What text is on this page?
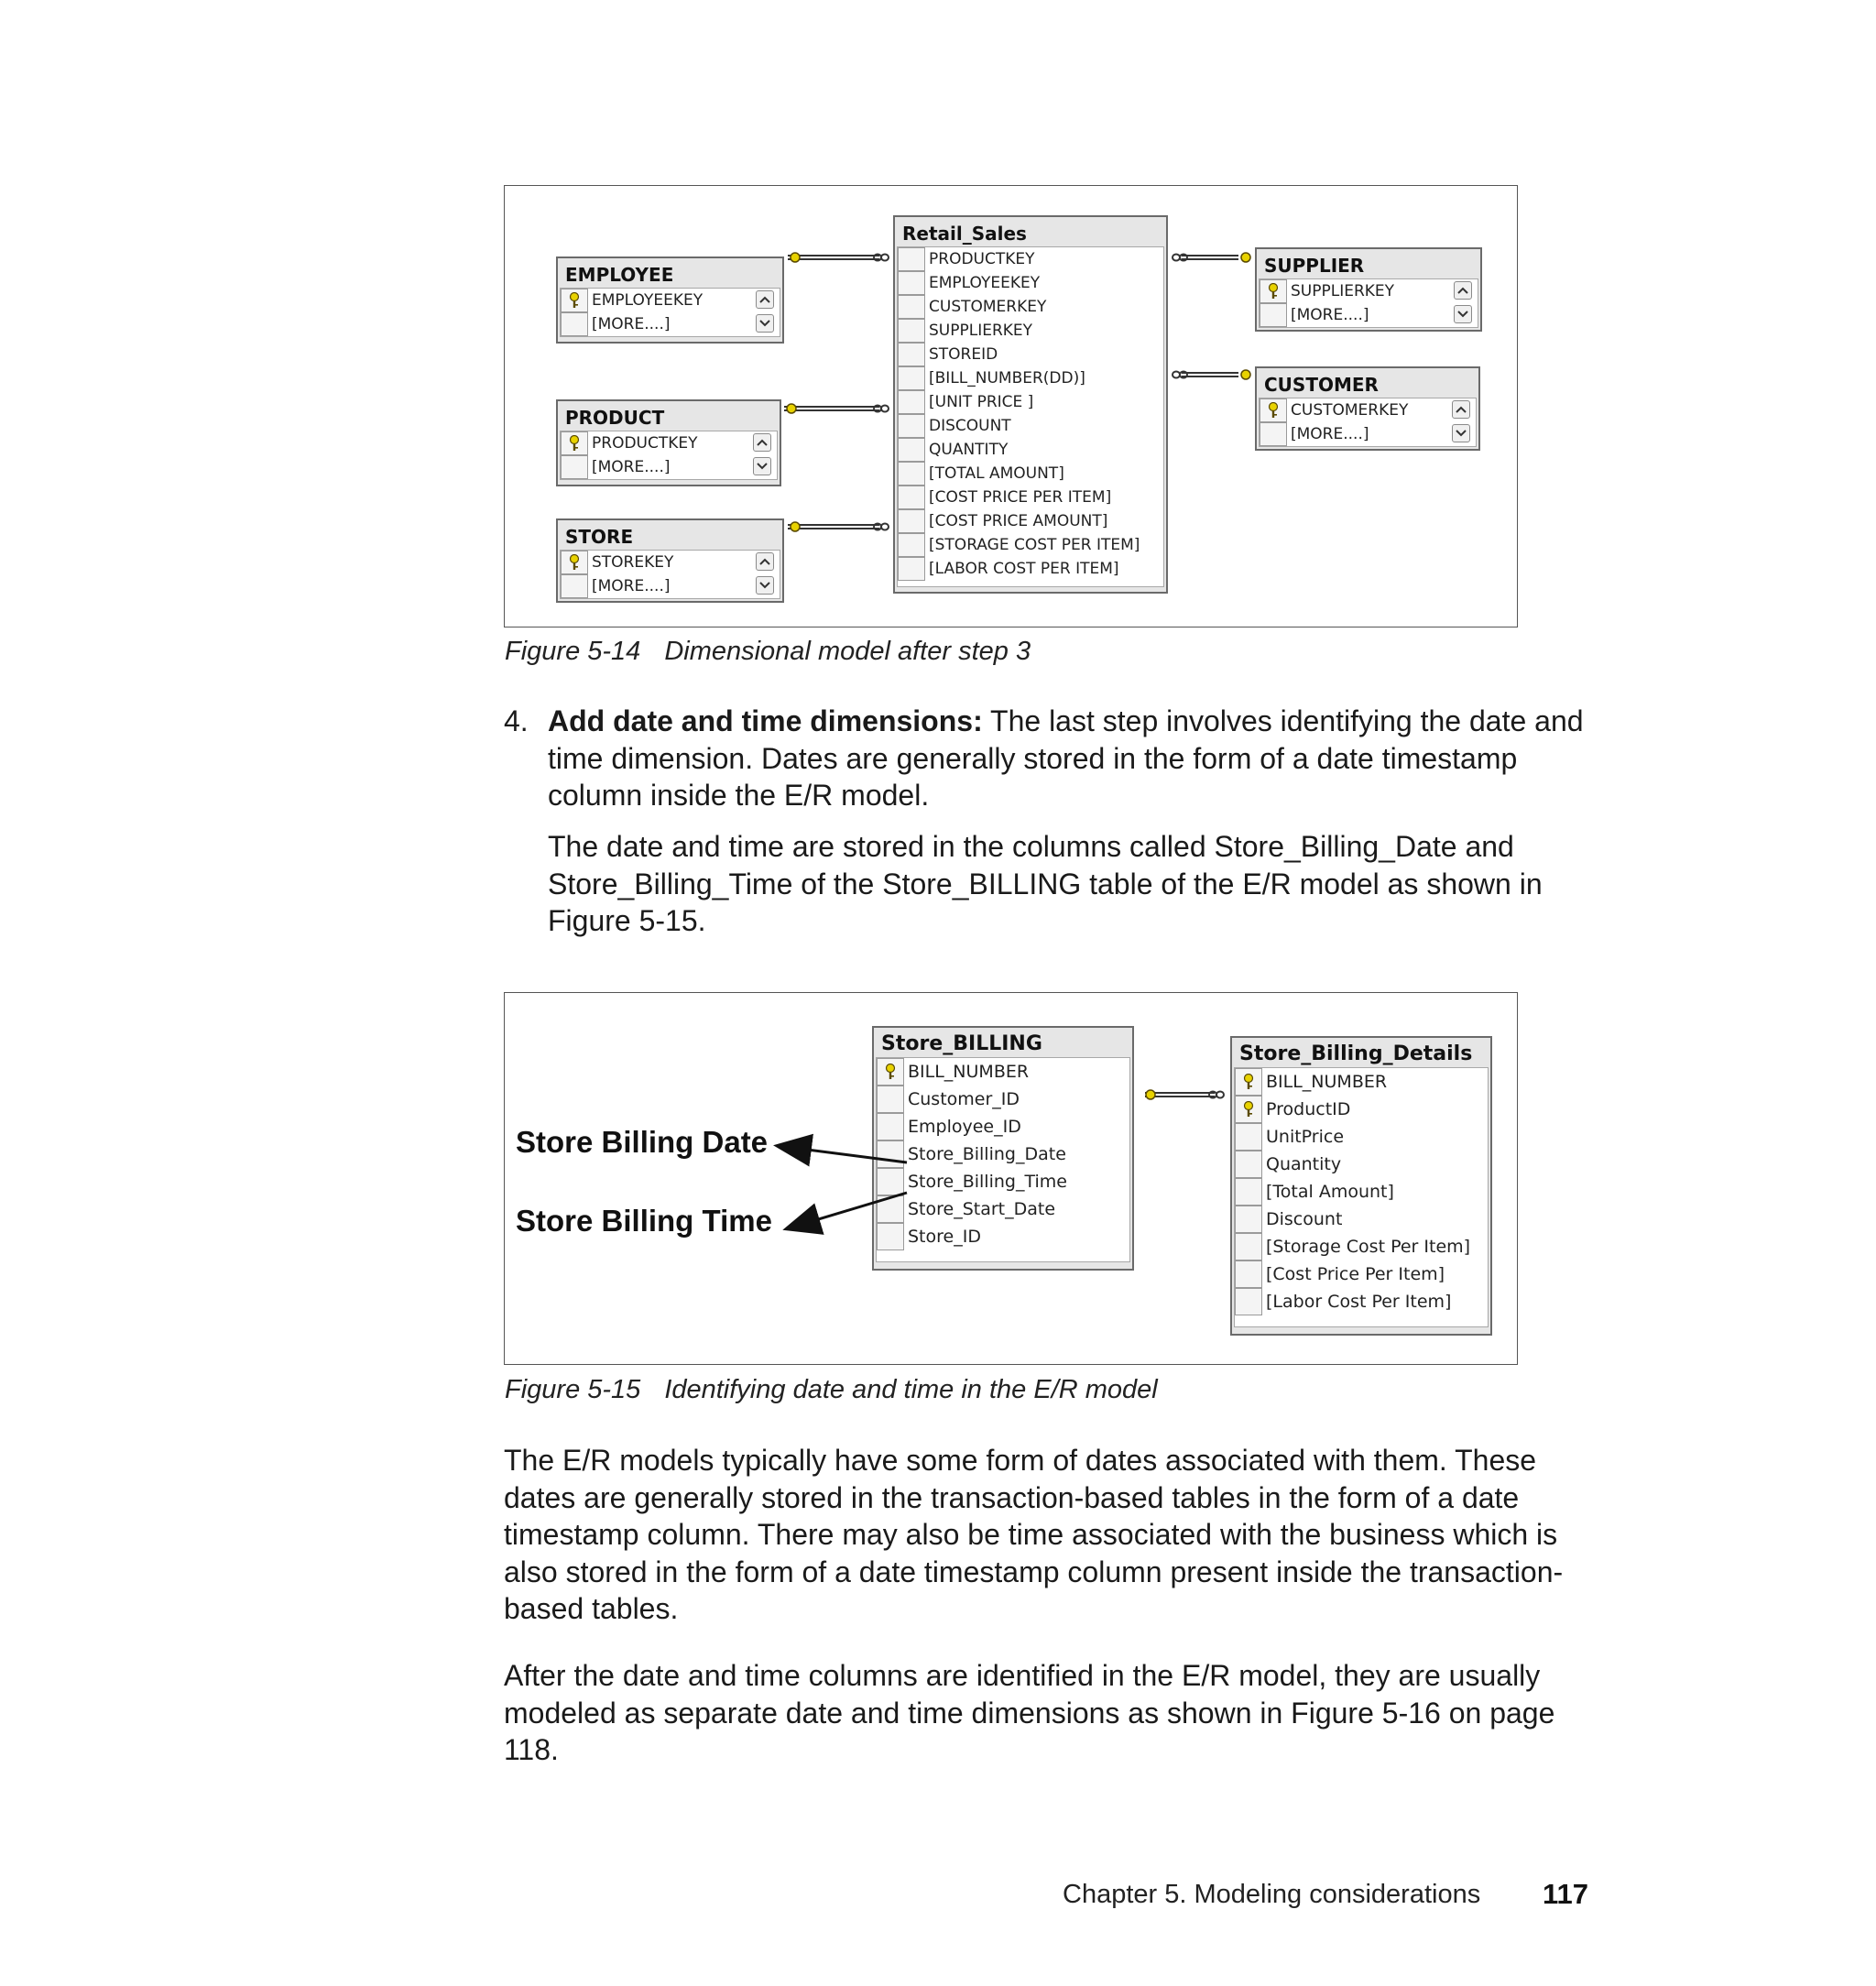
EMPLOYEE
EMPLOYEEKEY
[MORE....]
PRODUCT
PRODUCTKEY
[MORE....]
STORE
STOREKEY
[MORE....]
Retail_Sales
PRODUCTKEY
EMPLOYEEKEY
CUSTOMERKEY
SUPPLIERKEY
STOREID
[BILL_NUMBER(DD)]
[UNIT PRICE ]
DISCOUNT
QUANTITY
[TOTAL AMOUNT]
[COST PRICE PER ITEM]
[COST PRICE AMOUNT]
[STORAGE COST PER ITEM]
[LABOR COST PER ITEM]
SUPPLIER
SUPPLIERKEY
[MORE....]
CUSTOMER
CUSTOMERKEY
[MORE....]
Figure 5-14 Dimensional model after step 3
4. Add date and time dimensions: The last step involves identifying the date and time dimension. Dates are generally stored in the form of a date timestamp column inside the E/R model.
The date and time are stored in the columns called Store_Billing_Date and Store_Billing_Time of the Store_BILLING table of the E/R model as shown in Figure 5-15.
Store_BILLING
BILL_NUMBER
Customer_ID
Employee_ID
Store_Billing_Date
Store_Billing_Time
Store_Start_Date
Store_ID
Store_Billing_Details
BILL_NUMBER
ProductID
UnitPrice
Quantity
[Total Amount]
Discount
[Storage Cost Per Item]
[Cost Price Per Item]
[Labor Cost Per Item]
Store Billing Date
Store Billing Time
Figure 5-15 Identifying date and time in the E/R model
The E/R models typically have some form of dates associated with them. These dates are generally stored in the transaction-based tables in the form of a date timestamp column. There may also be time associated with the business which is also stored in the form of a date timestamp column present inside the transaction-based tables.
After the date and time columns are identified in the E/R model, they are usually modeled as separate date and time dimensions as shown in Figure 5-16 on page 118.
Chapter 5. Modeling considerations 117
